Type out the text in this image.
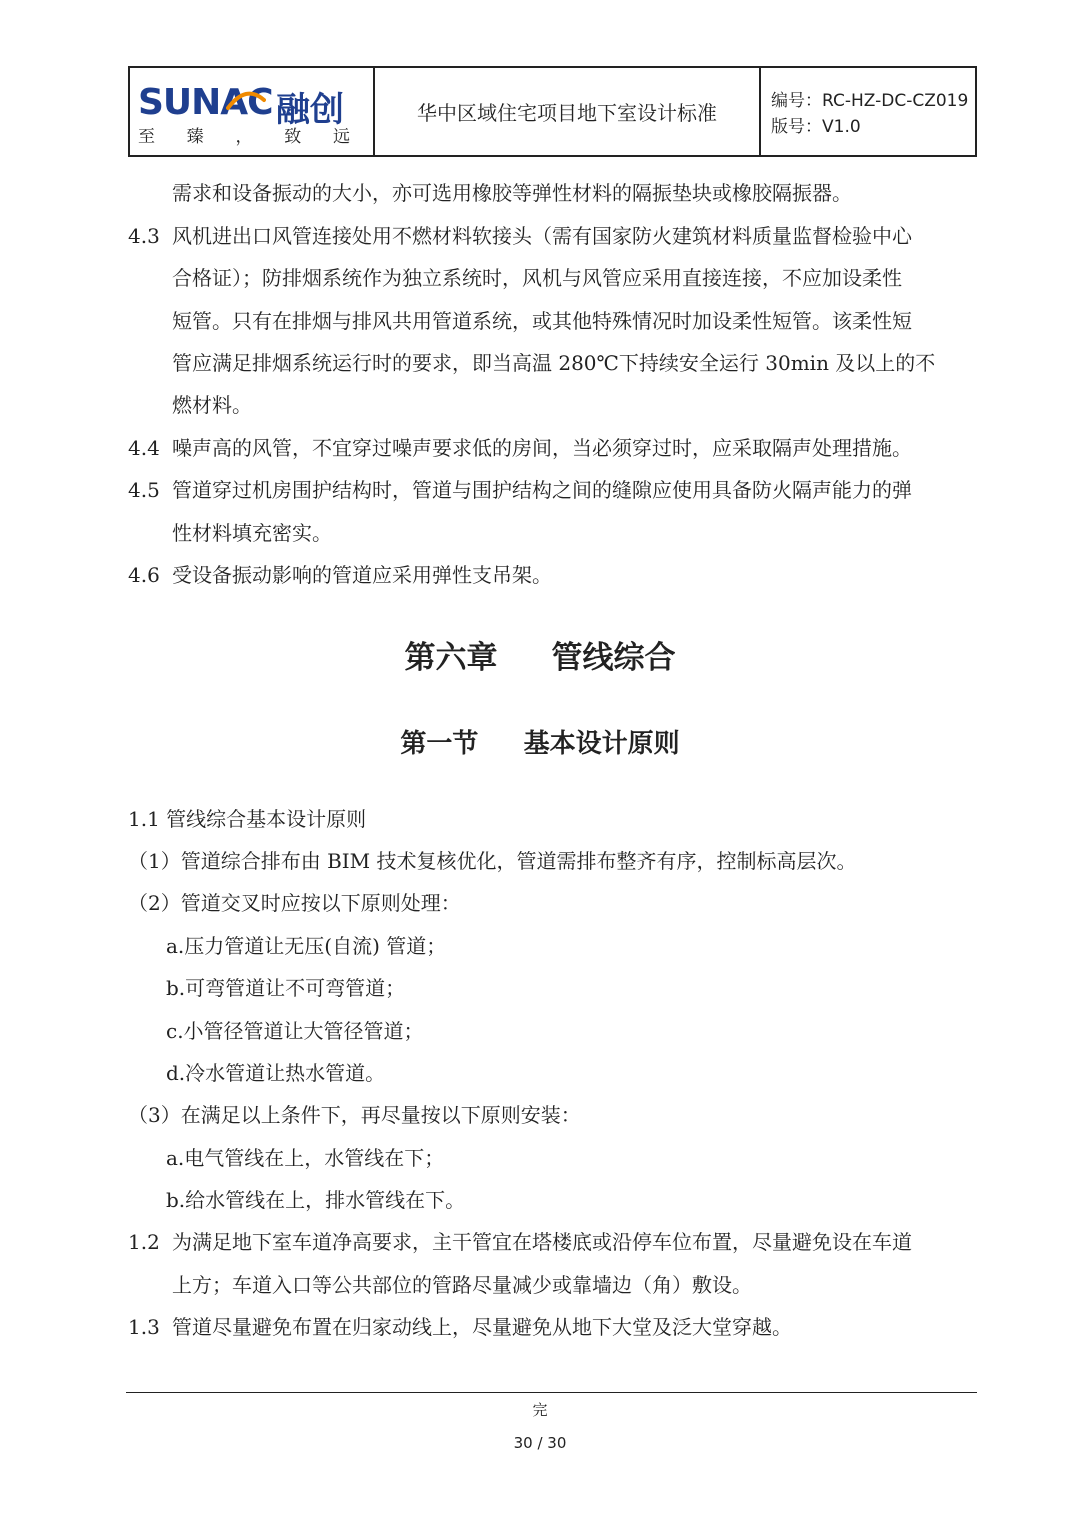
SUNAC 融创
至 臻 ， 致 远
华中区域住宅项目地下室设计标准	编号：RC-HZ-DC-CZ019
版号：V1.0
需求和设备振动的大小，亦可选用橡胶等弹性材料的隔振垫块或橡胶隔振器。
4.3 风机进出口风管连接处用不燃材料软接头（需有国家防火建筑材料质量监督检验中心
合格证）；防排烟系统作为独立系统时，风机与风管应采用直接连接，不应加设柔性
短管。只有在排烟与排风共用管道系统，或其他特殊情况时加设柔性短管。该柔性短
管应满足排烟系统运行时的要求，即当高温 280℃下持续安全运行 30min 及以上的不
燃材料。
4.4 噪声高的风管，不宜穿过噪声要求低的房间，当必须穿过时，应采取隔声处理措施。
4.5 管道穿过机房围护结构时，管道与围护结构之间的缝隙应使用具备防火隔声能力的弹
性材料填充密实。
4.6 受设备振动影响的管道应采用弹性支吊架。
第六章     管线综合
第一节     基本设计原则
1.1 管线综合基本设计原则
（1）管道综合排布由 BIM 技术复核优化，管道需排布整齐有序，控制标高层次。
（2）管道交叉时应按以下原则处理：
a.压力管道让无压(自流) 管道；
b.可弯管道让不可弯管道；
c.小管径管道让大管径管道；
d.冷水管道让热水管道。
（3）在满足以上条件下，再尽量按以下原则安装：
a.电气管线在上，水管线在下；
b.给水管线在上，排水管线在下。
1.2 为满足地下室车道净高要求，主干管宜在塔楼底或沿停车位布置，尽量避免设在车道
上方；车道入口等公共部位的管路尽量减少或靠墙边（角）敷设。
1.3 管道尽量避免布置在归家动线上，尽量避免从地下大堂及泛大堂穿越。
完
30 / 30
